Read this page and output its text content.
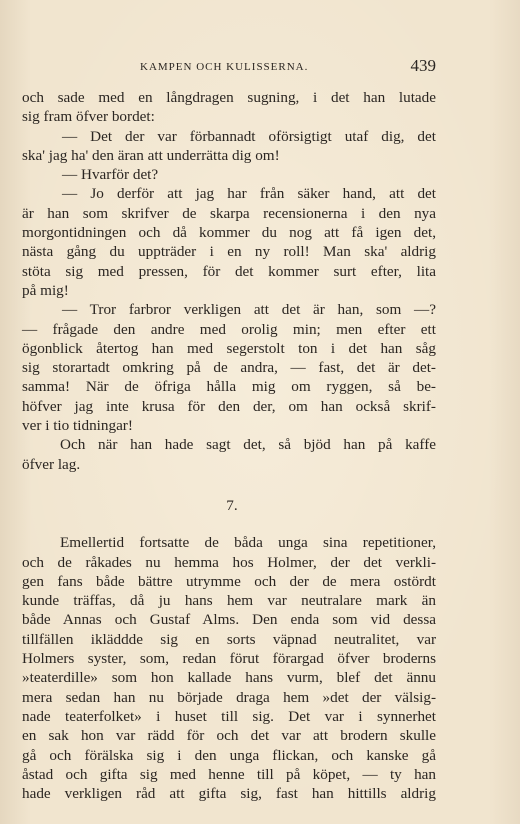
KAMPEN OCH KULISSERNA.	439
och sade med en långdragen sugning, i det han lutade
sig fram öfver bordet:
— Det der var förbannadt oförsigtigt utaf dig, det
ska' jag ha' den äran att underrätta dig om!
— Hvarför det?
— Jo derför att jag har från säker hand, att det
är han som skrifver de skarpa recensionerna i den nya
morgontidningen och då kommer du nog att få igen det,
nästa gång du uppträder i en ny roll! Man ska' aldrig
stöta sig med pressen, för det kommer surt efter, lita
på mig!
— Tror farbror verkligen att det är han, som —?
— frågade den andre med orolig min; men efter ett
ögonblick återtog han med segerstolt ton i det han såg
sig storartadt omkring på de andra, — fast, det är det-
samma! När de öfriga hålla mig om ryggen, så be-
höfver jag inte krusa för den der, om han också skrif-
ver i tio tidningar!
Och när han hade sagt det, så bjöd han på kaffe
öfver lag.
7.
Emellertid fortsatte de båda unga sina repetitioner,
och de råkades nu hemma hos Holmer, der det verkli-
gen fans både bättre utrymme och der de mera ostördt
kunde träffas, då ju hans hem var neutralare mark än
både Annas och Gustaf Alms. Den enda som vid dessa
tillfällen ikläddde sig en sorts väpnad neutralitet, var
Holmers syster, som, redan förut förargad öfver broderns
»teaterdille» som hon kallade hans vurm, blef det ännu
mera sedan han nu började draga hem »det der välsig-
nade teaterfolket» i huset till sig. Det var i synnerhet
en sak hon var rädd för och det var att brodern skulle
gå och förälska sig i den unga flickan, och kanske gå
åstad och gifta sig med henne till på köpet, — ty han
hade verkligen råd att gifta sig, fast han hittills aldrig
